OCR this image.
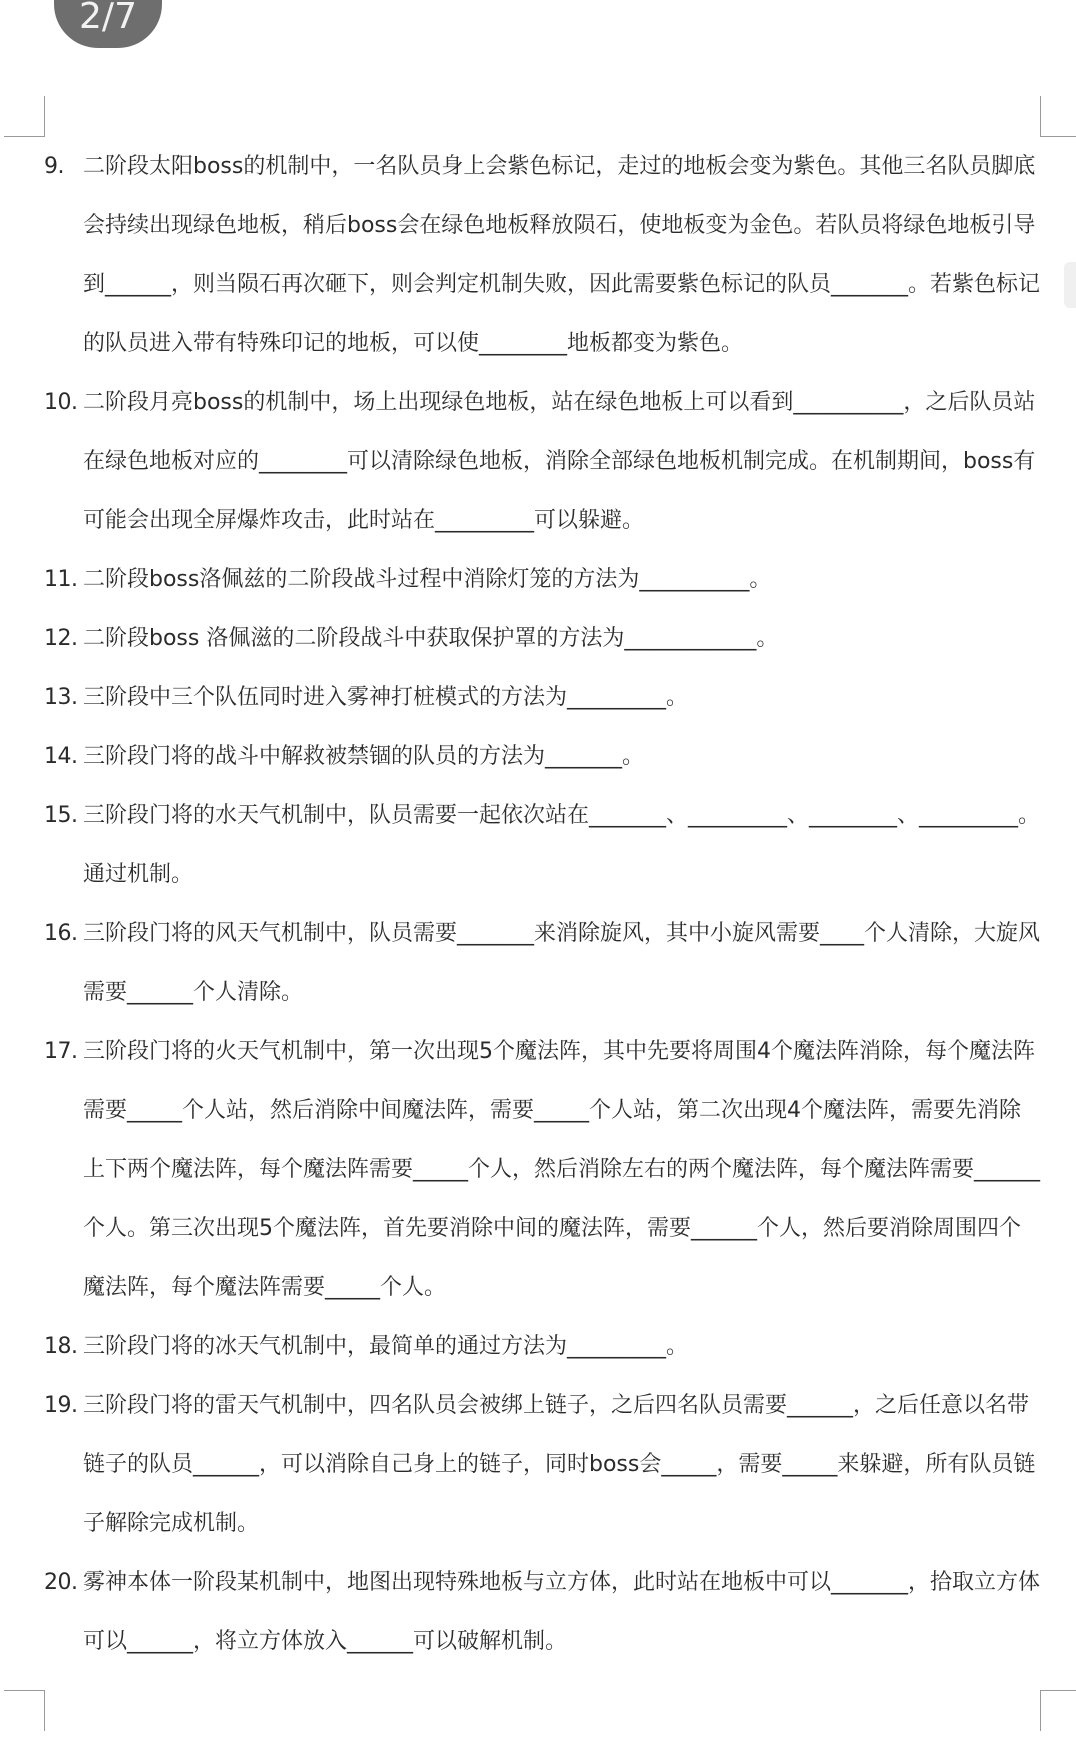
2/7
9. 二阶段太阳boss的机制中，一名队员身上会紫色标记，走过的地板会变为紫色。其他三名队员脚底会持续出现绿色地板，稍后boss会在绿色地板释放陨石，使地板变为金色。若队员将绿色地板引导到______，则当陨石再次砸下，则会判定机制失败，因此需要紫色标记的队员_______。若紫色标记的队员进入带有特殊印记的地板，可以使________地板都变为紫色。
10. 二阶段月亮boss的机制中，场上出现绿色地板，站在绿色地板上可以看到__________，之后队员站在绿色地板对应的________可以清除绿色地板，消除全部绿色地板机制完成。在机制期间，boss有可能会出现全屏爆炸攻击，此时站在_________可以躲避。
11. 二阶段boss洛佩兹的二阶段战斗过程中消除灯笼的方法为__________。
12. 二阶段boss 洛佩滋的二阶段战斗中获取保护罩的方法为____________。
13. 三阶段中三个队伍同时进入雾神打桩模式的方法为_________。
14. 三阶段门将的战斗中解救被禁锢的队员的方法为_______。
15. 三阶段门将的水天气机制中，队员需要一起依次站在_______、_________、________、_________。通过机制。
16. 三阶段门将的风天气机制中，队员需要_______来消除旋风，其中小旋风需要____个人清除，大旋风需要______个人清除。
17. 三阶段门将的火天气机制中，第一次出现5个魔法阵，其中先要将周围4个魔法阵消除，每个魔法阵需要_____个人站，然后消除中间魔法阵，需要_____个人站，第二次出现4个魔法阵，需要先消除上下两个魔法阵，每个魔法阵需要_____个人，然后消除左右的两个魔法阵，每个魔法阵需要______个人。第三次出现5个魔法阵，首先要消除中间的魔法阵，需要______个人，然后要消除周围四个魔法阵，每个魔法阵需要_____个人。
18. 三阶段门将的冰天气机制中，最简单的通过方法为_________。
19. 三阶段门将的雷天气机制中，四名队员会被绑上链子，之后四名队员需要______，之后任意以名带链子的队员______，可以消除自己身上的链子，同时boss会_____，需要_____来躲避，所有队员链子解除完成机制。
20. 雾神本体一阶段某机制中，地图出现特殊地板与立方体，此时站在地板中可以_______，拾取立方体可以______，将立方体放入______可以破解机制。
